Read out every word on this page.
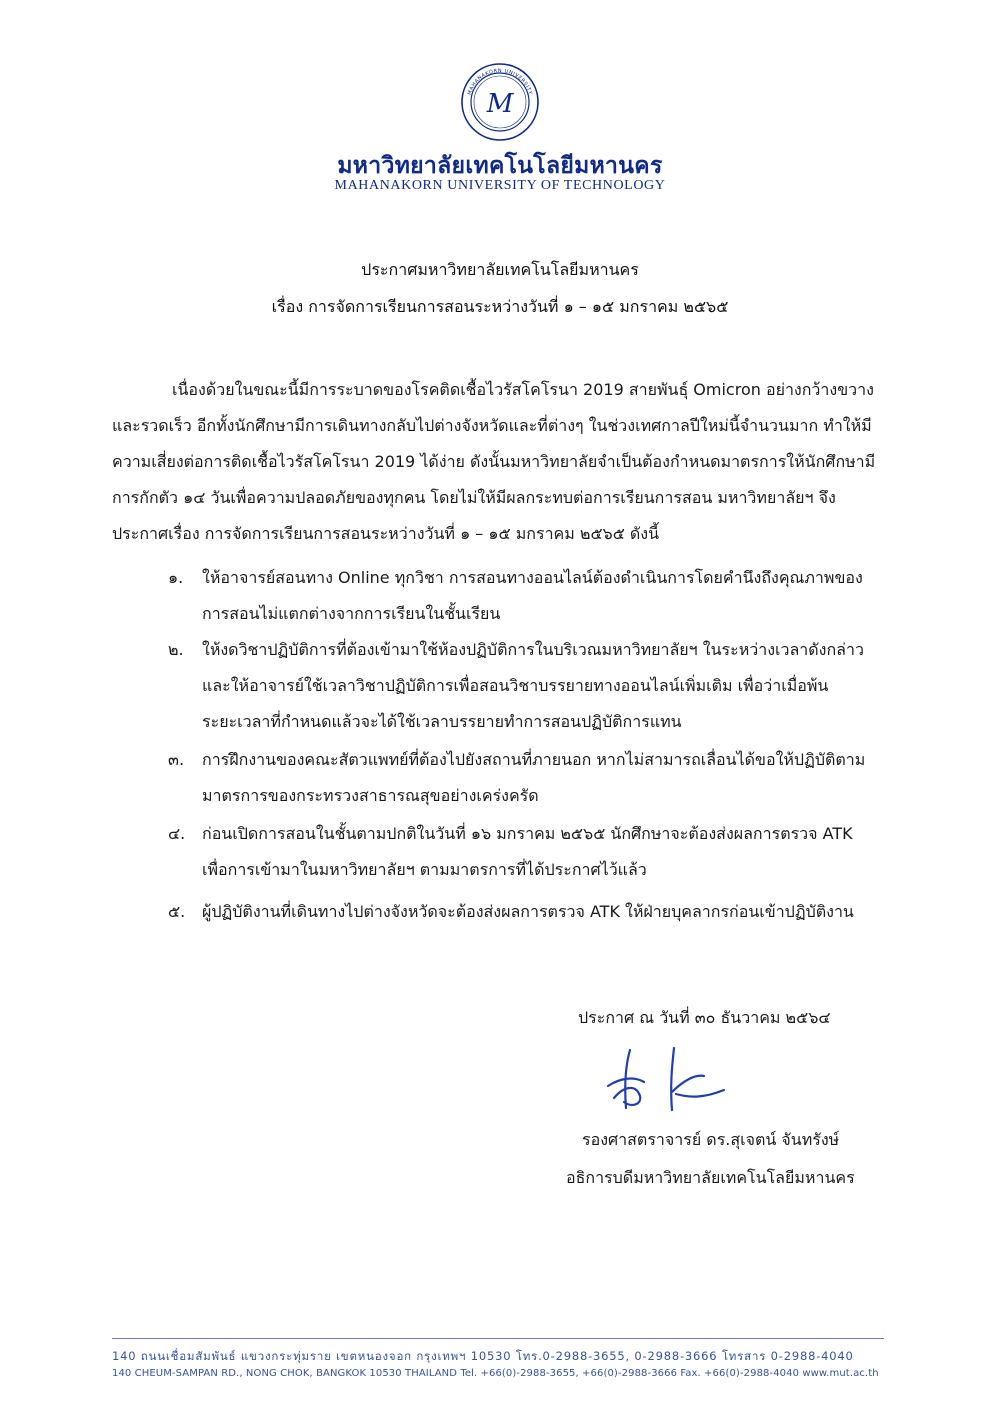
MAHANAKORN UNIVERSITY
M
มหาวิทยาลัยเทคโนโลยีมหานคร
MAHANAKORN UNIVERSITY OF TECHNOLOGY
ประกาศมหาวิทยาลัยเทคโนโลยีมหานคร
เรื่อง การจัดการเรียนการสอนระหว่างวันที่ ๑ – ๑๕ มกราคม ๒๕๖๕
เนื่องด้วยในขณะนี้มีการระบาดของโรคติดเชื้อไวรัสโคโรนา 2019 สายพันธุ์ Omicron อย่างกว้างขวาง
และรวดเร็ว อีกทั้งนักศึกษามีการเดินทางกลับไปต่างจังหวัดและที่ต่างๆ ในช่วงเทศกาลปีใหม่นี้จำนวนมาก ทำให้มี
ความเสี่ยงต่อการติดเชื้อไวรัสโคโรนา 2019 ได้ง่าย ดังนั้นมหาวิทยาลัยจำเป็นต้องกำหนดมาตรการให้นักศึกษามี
การกักตัว ๑๔ วันเพื่อความปลอดภัยของทุกคน โดยไม่ให้มีผลกระทบต่อการเรียนการสอน มหาวิทยาลัยฯ จึง
ประกาศเรื่อง การจัดการเรียนการสอนระหว่างวันที่ ๑ – ๑๕ มกราคม ๒๕๖๕ ดังนี้
๑.	ให้อาจารย์สอนทาง Online ทุกวิชา การสอนทางออนไลน์ต้องดำเนินการโดยคำนึงถึงคุณภาพของ
การสอนไม่แตกต่างจากการเรียนในชั้นเรียน
๒.	ให้งดวิชาปฏิบัติการที่ต้องเข้ามาใช้ห้องปฏิบัติการในบริเวณมหาวิทยาลัยฯ ในระหว่างเวลาดังกล่าว
และให้อาจารย์ใช้เวลาวิชาปฏิบัติการเพื่อสอนวิชาบรรยายทางออนไลน์เพิ่มเติม เพื่อว่าเมื่อพ้น
ระยะเวลาที่กำหนดแล้วจะได้ใช้เวลาบรรยายทำการสอนปฏิบัติการแทน
๓.	การฝึกงานของคณะสัตวแพทย์ที่ต้องไปยังสถานที่ภายนอก หากไม่สามารถเลื่อนได้ขอให้ปฏิบัติตาม
มาตรการของกระทรวงสาธารณสุขอย่างเคร่งครัด
๔.	ก่อนเปิดการสอนในชั้นตามปกติในวันที่ ๑๖ มกราคม ๒๕๖๕ นักศึกษาจะต้องส่งผลการตรวจ ATK
เพื่อการเข้ามาในมหาวิทยาลัยฯ ตามมาตรการที่ได้ประกาศไว้แล้ว
๕.	ผู้ปฏิบัติงานที่เดินทางไปต่างจังหวัดจะต้องส่งผลการตรวจ ATK ให้ฝ่ายบุคลากรก่อนเข้าปฏิบัติงาน
ประกาศ ณ วันที่ ๓๐ ธันวาคม ๒๕๖๔
รองศาสตราจารย์ ดร.สุเจตน์ จันทรังษ์
อธิการบดีมหาวิทยาลัยเทคโนโลยีมหานคร
140 ถนนเชื่อมสัมพันธ์ แขวงกระทุ่มราย เขตหนองจอก กรุงเทพฯ 10530 โทร.0-2988-3655, 0-2988-3666 โทรสาร 0-2988-4040
140 CHEUM-SAMPAN RD., NONG CHOK, BANGKOK 10530 THAILAND Tel. +66(0)-2988-3655, +66(0)-2988-3666 Fax. +66(0)-2988-4040 www.mut.ac.th
